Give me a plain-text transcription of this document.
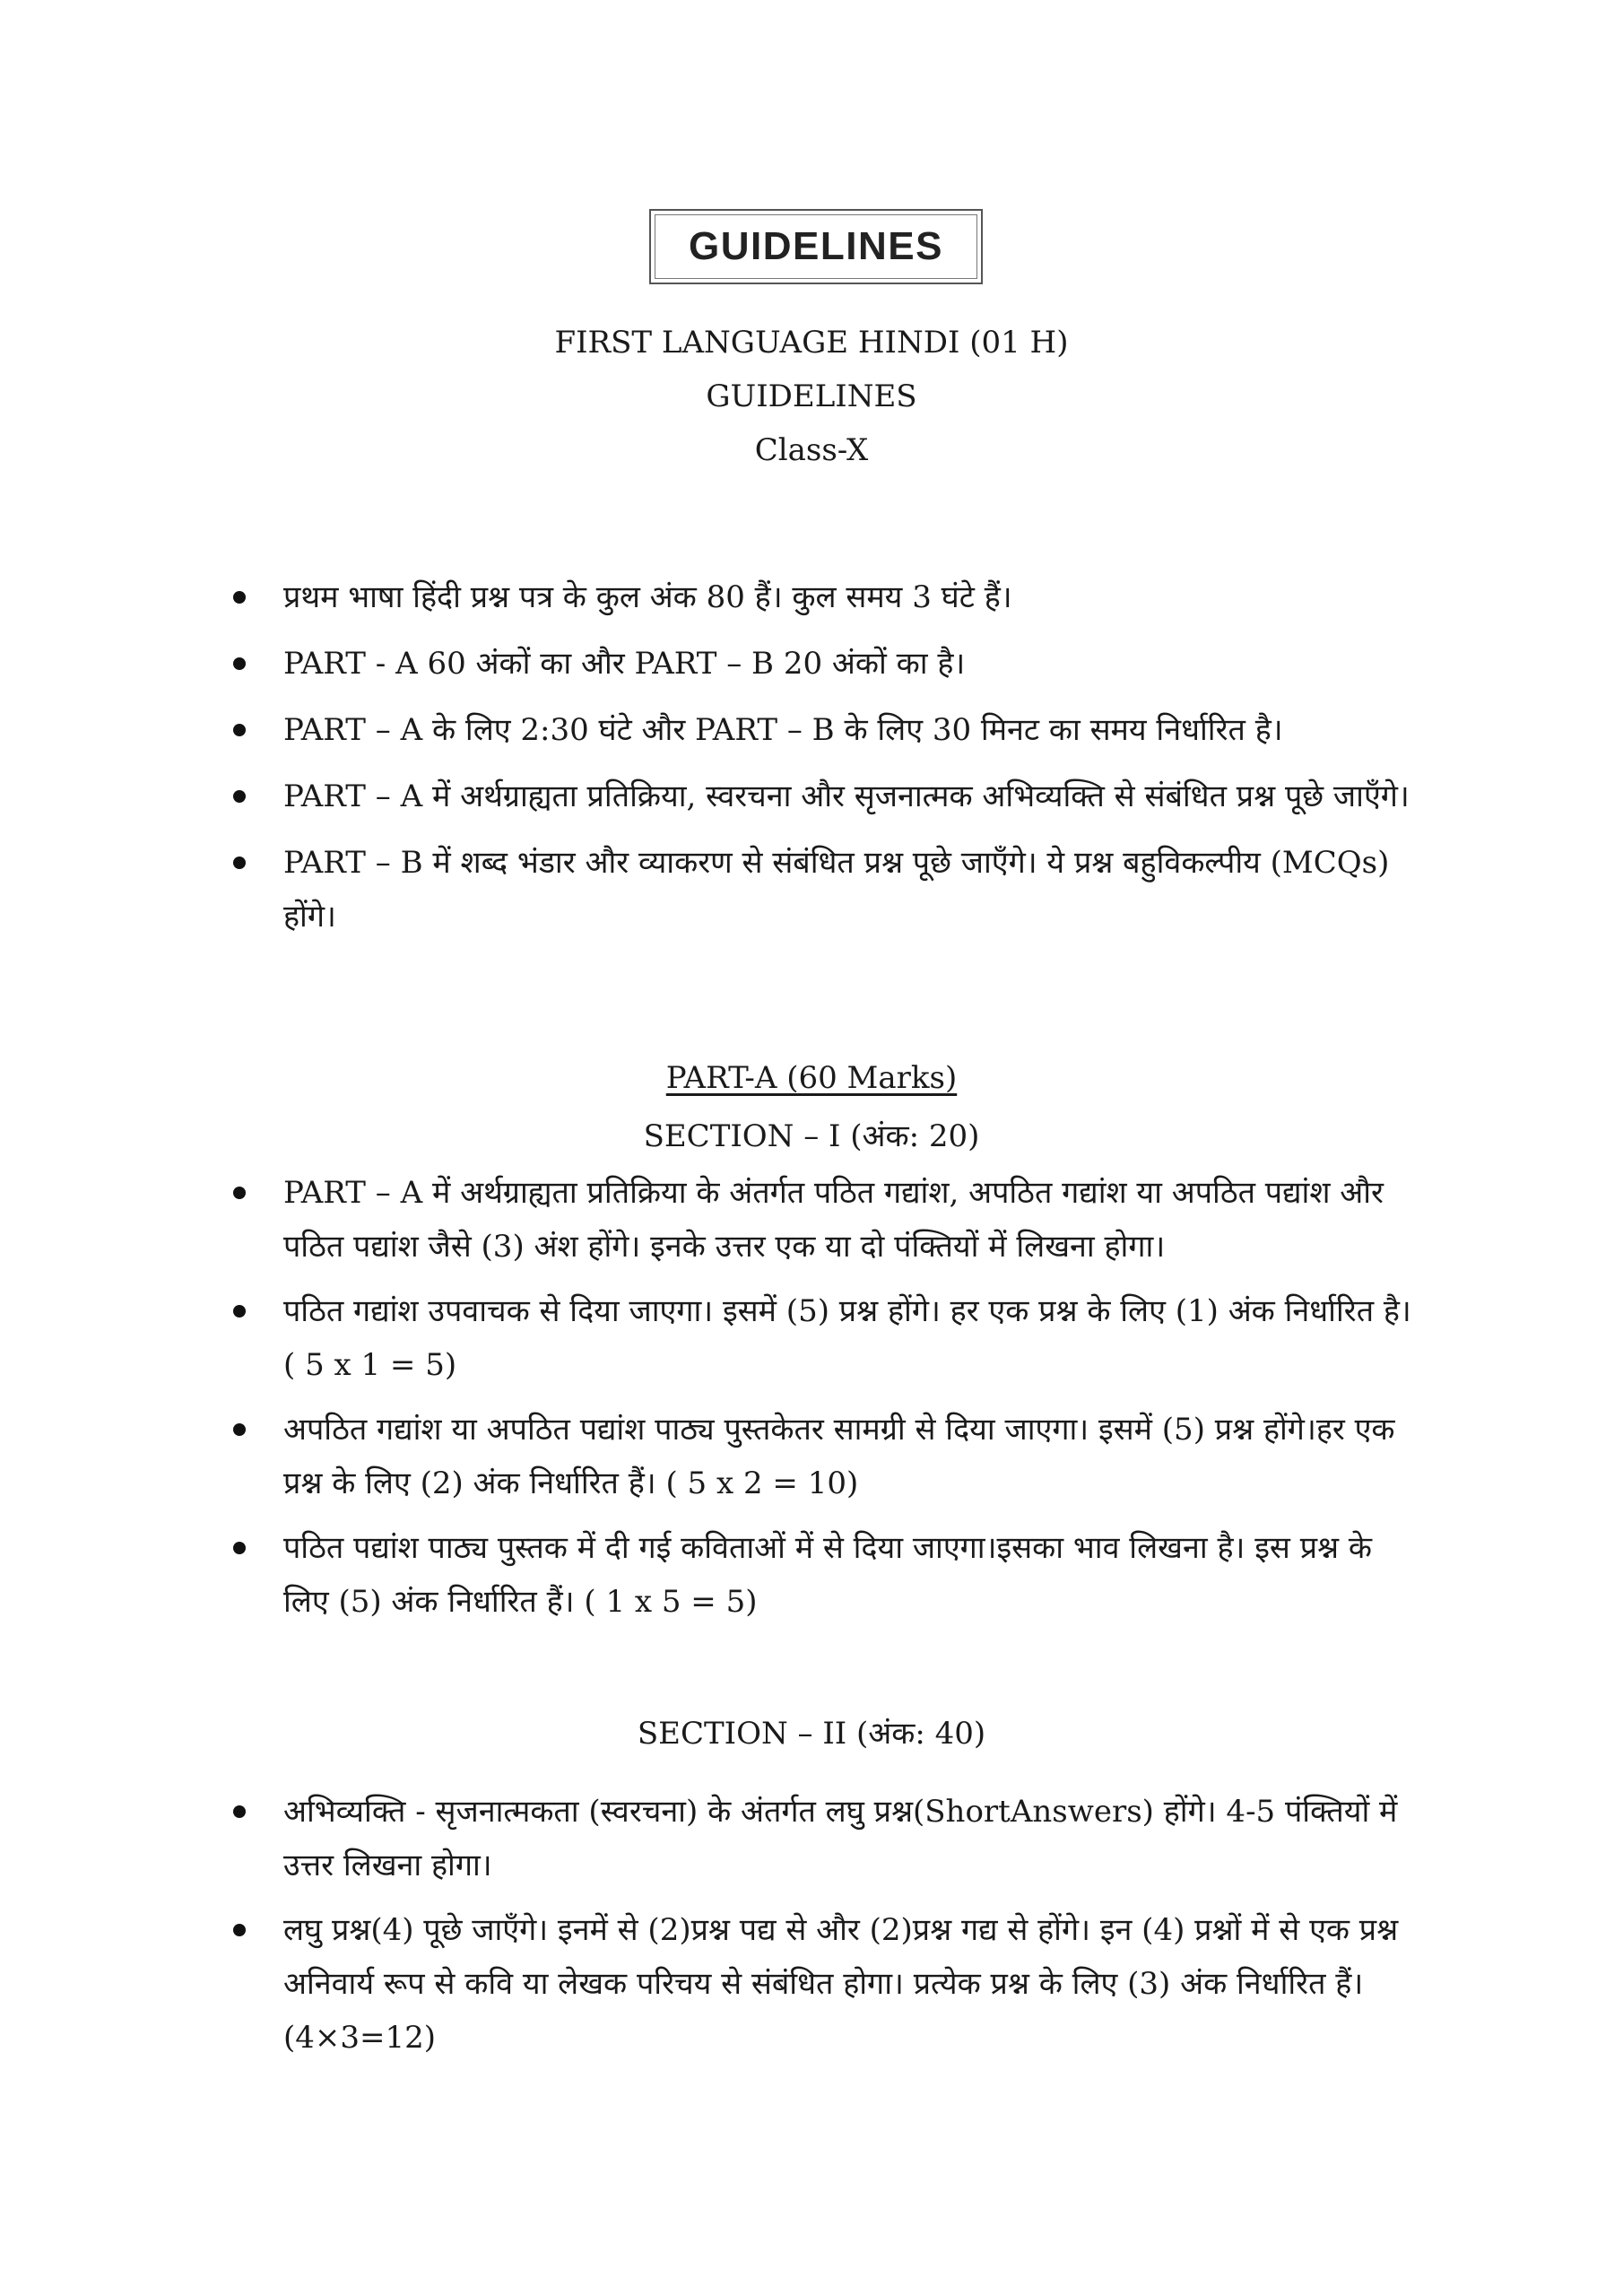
GUIDELINES
FIRST LANGUAGE HINDI (01 H)
GUIDELINES
Class-X
प्रथम भाषा हिंदी प्रश्न पत्र के कुल अंक 80 हैं। कुल समय 3 घंटे हैं।
PART - A 60 अंकों का और PART – B 20 अंकों का है।
PART – A के लिए 2:30 घंटे और PART – B के लिए 30 मिनट का समय निर्धारित है।
PART – A में अर्थग्राह्यता प्रतिक्रिया, स्वरचना और सृजनात्मक अभिव्यक्ति से संबंधित प्रश्न पूछे जाएँगे।
PART – B में शब्द भंडार और व्याकरण से संबंधित प्रश्न पूछे जाएँगे। ये प्रश्न बहुविकल्पीय (MCQs) होंगे।
PART-A (60 Marks)
SECTION – I (अंक: 20)
PART – A में अर्थग्राह्यता प्रतिक्रिया के अंतर्गत पठित गद्यांश, अपठित गद्यांश या अपठित पद्यांश और पठित पद्यांश जैसे (3) अंश होंगे। इनके उत्तर एक या दो पंक्तियों में लिखना होगा।
पठित गद्यांश उपवाचक से दिया जाएगा। इसमें (5) प्रश्न होंगे। हर एक प्रश्न के लिए (1) अंक निर्धारित है। ( 5 x 1 = 5)
अपठित गद्यांश या अपठित पद्यांश पाठ्य पुस्तकेतर सामग्री से दिया जाएगा। इसमें (5) प्रश्न होंगे।हर एक प्रश्न के लिए (2) अंक निर्धारित हैं। ( 5 x 2 = 10)
पठित पद्यांश पाठ्य पुस्तक में दी गई कविताओं में से दिया जाएगा।इसका भाव लिखना है। इस प्रश्न के लिए (5) अंक निर्धारित हैं। ( 1 x 5 = 5)
SECTION – II (अंक: 40)
अभिव्यक्ति - सृजनात्मकता (स्वरचना) के अंतर्गत लघु प्रश्न(ShortAnswers) होंगे। 4-5 पंक्तियों में उत्तर लिखना होगा।
लघु प्रश्न(4) पूछे जाएँगे। इनमें से (2)प्रश्न पद्य से और (2)प्रश्न गद्य से होंगे। इन (4) प्रश्नों में से एक प्रश्न अनिवार्य रूप से कवि या लेखक परिचय से संबंधित होगा। प्रत्येक प्रश्न के लिए (3) अंक निर्धारित हैं। (4×3=12)
